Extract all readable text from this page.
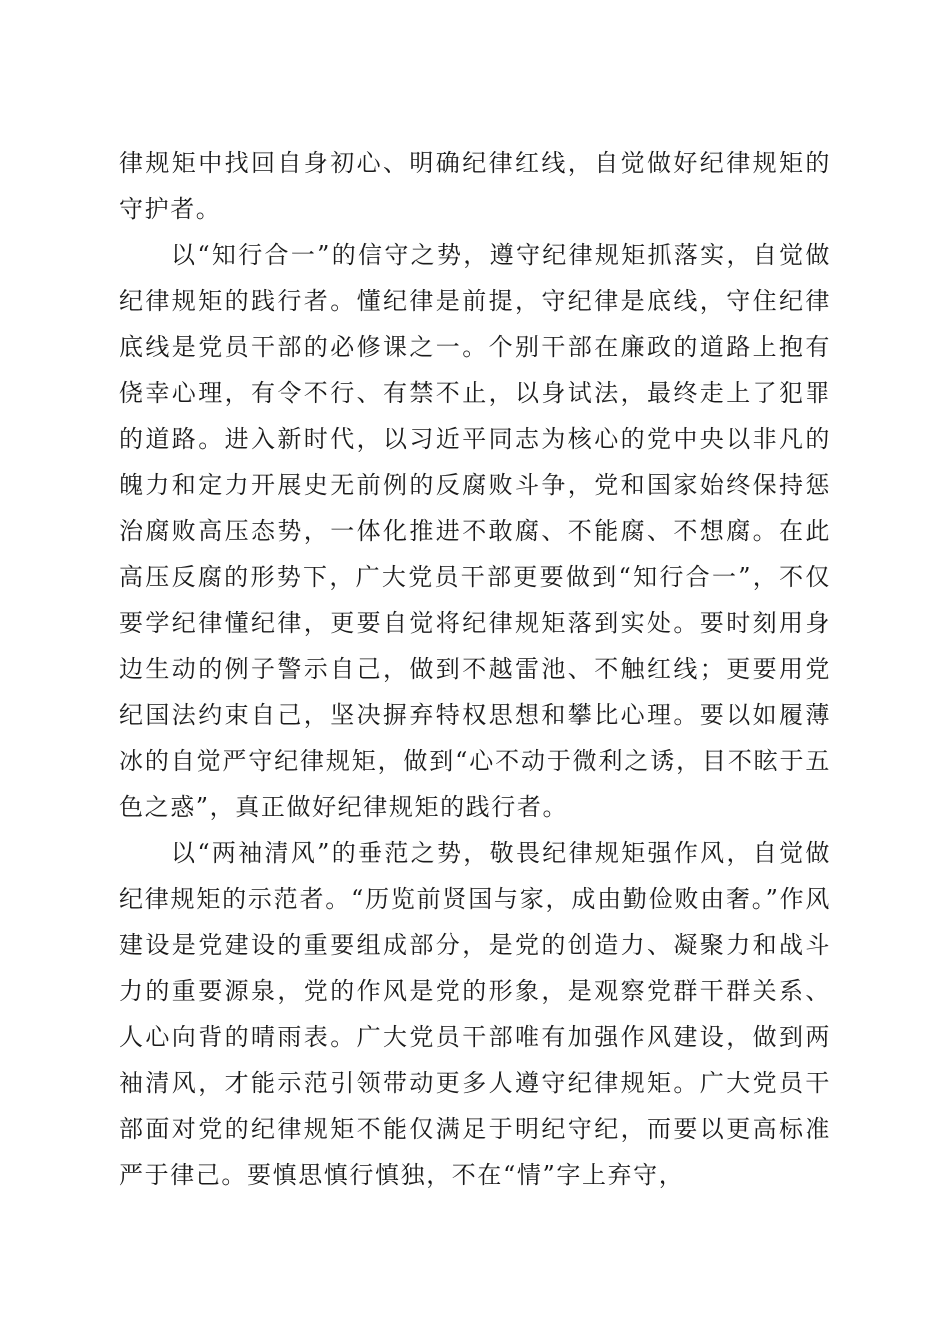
律规矩中找回自身初心、明确纪律红线，自觉做好纪律规矩的守护者。

以“知行合一”的信守之势，遵守纪律规矩抓落实，自觉做纪律规矩的践行者。懂纪律是前提，守纪律是底线，守住纪律底线是党员干部的必修课之一。个别干部在廉政的道路上抱有侥幸心理，有令不行、有禁不止，以身试法，最终走上了犯罪的道路。进入新时代，以习近平同志为核心的党中央以非凡的魄力和定力开展史无前例的反腐败斗争，党和国家始终保持惩治腐败高压态势，一体化推进不敢腐、不能腐、不想腐。在此高压反腐的形势下，广大党员干部更要做到“知行合一”，不仅要学纪律懂纪律，更要自觉将纪律规矩落到实处。要时刻用身边生动的例子警示自己，做到不越雷池、不触红线；更要用党纪国法约束自己，坚决摒弃特权思想和攀比心理。要以如履薄冰的自觉严守纪律规矩，做到“心不动于微利之诱，目不眩于五色之惑”，真正做好纪律规矩的践行者。

以“两袖清风”的垂范之势，敬畏纪律规矩强作风，自觉做纪律规矩的示范者。“历览前贤国与家，成由勤俭败由奢。”作风建设是党建设的重要组成部分，是党的创造力、凝聚力和战斗力的重要源泉，党的作风是党的形象，是观察党群干群关系、人心向背的晴雨表。广大党员干部唯有加强作风建设，做到两袖清风，才能示范引领带动更多人遵守纪律规矩。广大党员干部面对党的纪律规矩不能仅满足于明纪守纪，而要以更高标准严于律己。要慎思慎行慎独，不在“情”字上弃守，
